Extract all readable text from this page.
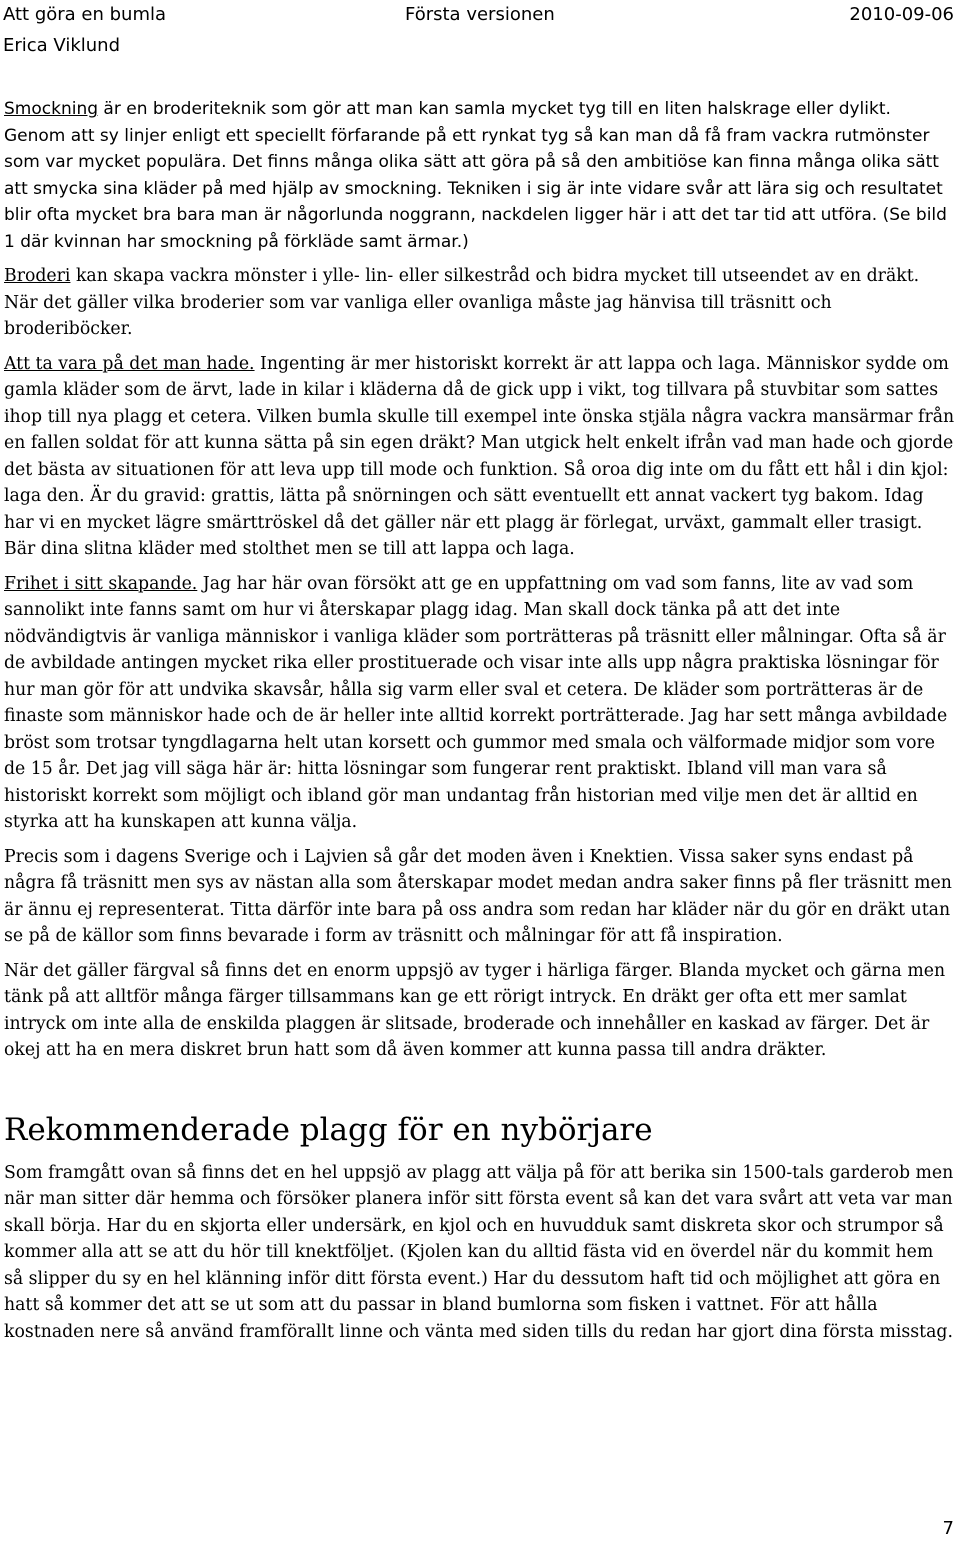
Att göra en bumla	Första versionen	2010-09-06
Erica Viklund

Smockning är en broderiteknik som gör att man kan samla mycket tyg till en liten halskrage eller dylikt. Genom att sy linjer enligt ett speciellt förfarande på ett rynkat tyg så kan man då få fram vackra rutmönster som var mycket populära. Det finns många olika sätt att göra på så den ambitiöse kan finna många olika sätt att smycka sina kläder på med hjälp av smockning. Tekniken i sig är inte vidare svår att lära sig och resultatet blir ofta mycket bra bara man är någorlunda noggrann, nackdelen ligger här i att det tar tid att utföra. (Se bild 1 där kvinnan har smockning på förkläde samt ärmar.)

Broderi kan skapa vackra mönster i ylle- lin- eller silkestråd och bidra mycket till utseendet av en dräkt. När det gäller vilka broderier som var vanliga eller ovanliga måste jag hänvisa till träsnitt och broderiböcker.

Att ta vara på det man hade. Ingenting är mer historiskt korrekt är att lappa och laga. Människor sydde om gamla kläder som de ärvt, lade in kilar i kläderna då de gick upp i vikt, tog tillvara på stuvbitar som sattes ihop till nya plagg et cetera. Vilken bumla skulle till exempel inte önska stjäla några vackra mansärmar från en fallen soldat för att kunna sätta på sin egen dräkt? Man utgick helt enkelt ifrån vad man hade och gjorde det bästa av situationen för att leva upp till mode och funktion. Så oroa dig inte om du fått ett hål i din kjol: laga den. Är du gravid: grattis, lätta på snörningen och sätt eventuellt ett annat vackert tyg bakom. Idag har vi en mycket lägre smärttröskel då det gäller när ett plagg är förlegat, urväxt, gammalt eller trasigt. Bär dina slitna kläder med stolthet men se till att lappa och laga.

Frihet i sitt skapande. Jag har här ovan försökt att ge en uppfattning om vad som fanns, lite av vad som sannolikt inte fanns samt om hur vi återskapar plagg idag. Man skall dock tänka på att det inte nödvändigtvis är vanliga människor i vanliga kläder som porträtteras på träsnitt eller målningar. Ofta så är de avbildade antingen mycket rika eller prostituerade och visar inte alls upp några praktiska lösningar för hur man gör för att undvika skavsår, hålla sig varm eller sval et cetera. De kläder som porträtteras är de finaste som människor hade och de är heller inte alltid korrekt porträtterade. Jag har sett många avbildade bröst som trotsar tyngdlagarna helt utan korsett och gummor med smala och välformade midjor som vore de 15 år. Det jag vill säga här är: hitta lösningar som fungerar rent praktiskt. Ibland vill man vara så historiskt korrekt som möjligt och ibland gör man undantag från historian med vilje men det är alltid en styrka att ha kunskapen att kunna välja.

Precis som i dagens Sverige och i Lajvien så går det moden även i Knektien. Vissa saker syns endast på några få träsnitt men sys av nästan alla som återskapar modet medan andra saker finns på fler träsnitt men är ännu ej representerat. Titta därför inte bara på oss andra som redan har kläder när du gör en dräkt utan se på de källor som finns bevarade i form av träsnitt och målningar för att få inspiration.

När det gäller färgval så finns det en enorm uppsjö av tyger i härliga färger. Blanda mycket och gärna men tänk på att alltför många färger tillsammans kan ge ett rörigt intryck. En dräkt ger ofta ett mer samlat intryck om inte alla de enskilda plaggen är slitsade, broderade och innehåller en kaskad av färger. Det är okej att ha en mera diskret brun hatt som då även kommer att kunna passa till andra dräkter.

Rekommenderade plagg för en nybörjare

Som framgått ovan så finns det en hel uppsjö av plagg att välja på för att berika sin 1500-tals garderob men när man sitter där hemma och försöker planera inför sitt första event så kan det vara svårt att veta var man skall börja. Har du en skjorta eller undersärk, en kjol och en huvudduk samt diskreta skor och strumpor så kommer alla att se att du hör till knektföljet. (Kjolen kan du alltid fästa vid en överdel när du kommit hem så slipper du sy en hel klänning inför ditt första event.) Har du dessutom haft tid och möjlighet att göra en hatt så kommer det att se ut som att du passar in bland bumlorna som fisken i vattnet. För att hålla kostnaden nere så använd framförallt linne och vänta med siden tills du redan har gjort dina första misstag.

7
